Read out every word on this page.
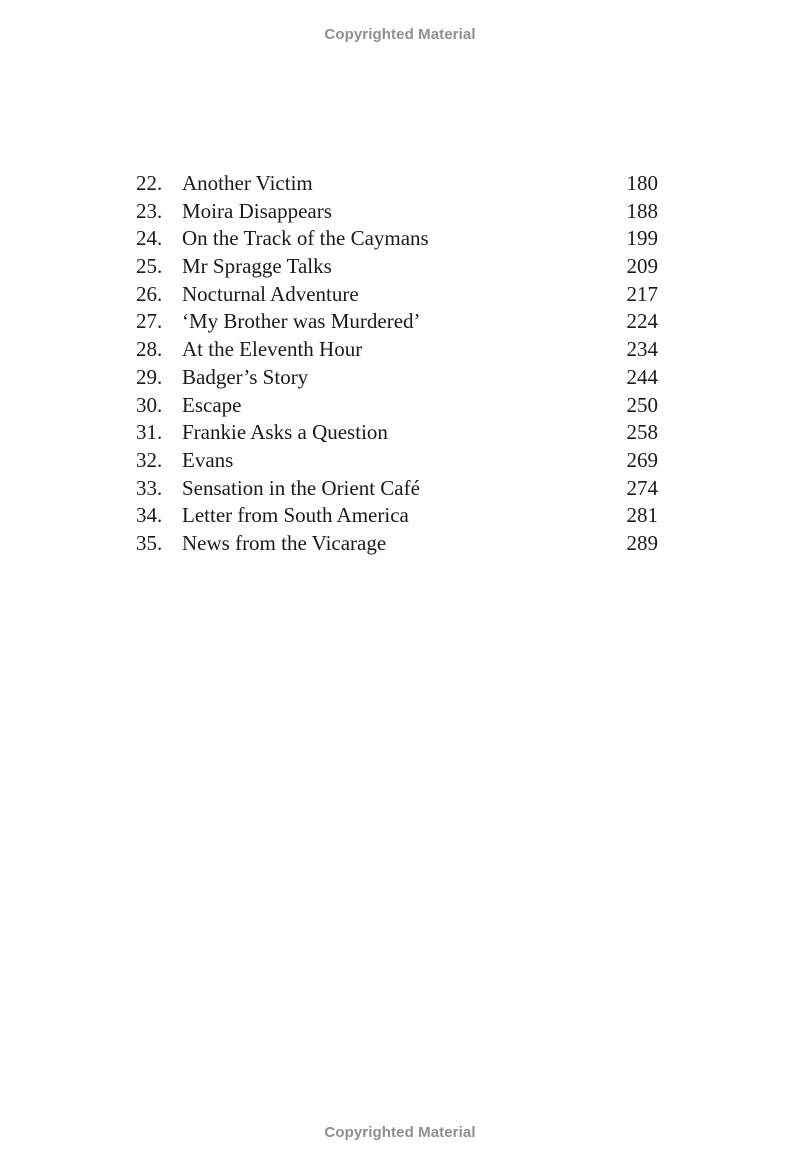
Copyrighted Material
22. Another Victim	180
23. Moira Disappears	188
24. On the Track of the Caymans	199
25. Mr Spragge Talks	209
26. Nocturnal Adventure	217
27. ‘My Brother was Murdered’	224
28. At the Eleventh Hour	234
29. Badger’s Story	244
30. Escape	250
31. Frankie Asks a Question	258
32. Evans	269
33. Sensation in the Orient Café	274
34. Letter from South America	281
35. News from the Vicarage	289
Copyrighted Material
